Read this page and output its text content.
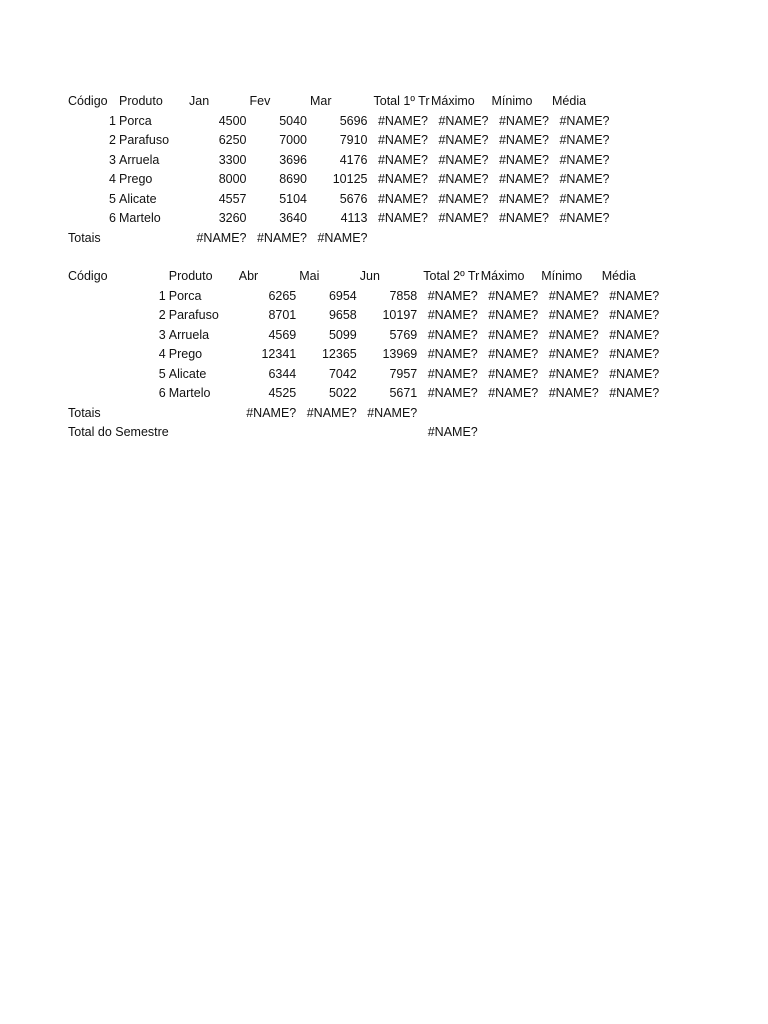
Código	Produto	Jan	Fev	Mar	Total 1º Tr	Máximo	Mínimo	Média
1	Porca	4500	5040	5696	#NAME?	#NAME?	#NAME?	#NAME?
2	Parafuso	6250	7000	7910	#NAME?	#NAME?	#NAME?	#NAME?
3	Arruela	3300	3696	4176	#NAME?	#NAME?	#NAME?	#NAME?
4	Prego	8000	8690	10125	#NAME?	#NAME?	#NAME?	#NAME?
5	Alicate	4557	5104	5676	#NAME?	#NAME?	#NAME?	#NAME?
6	Martelo	3260	3640	4113	#NAME?	#NAME?	#NAME?	#NAME?
Totais		#NAME?	#NAME?	#NAME?				
Código	Produto	Abr	Mai	Jun	Total 2º Tr	Máximo	Mínimo	Média
1	Porca	6265	6954	7858	#NAME?	#NAME?	#NAME?	#NAME?
2	Parafuso	8701	9658	10197	#NAME?	#NAME?	#NAME?	#NAME?
3	Arruela	4569	5099	5769	#NAME?	#NAME?	#NAME?	#NAME?
4	Prego	12341	12365	13969	#NAME?	#NAME?	#NAME?	#NAME?
5	Alicate	6344	7042	7957	#NAME?	#NAME?	#NAME?	#NAME?
6	Martelo	4525	5022	5671	#NAME?	#NAME?	#NAME?	#NAME?
Totais		#NAME?	#NAME?	#NAME?				
Total do Semestre					#NAME?			
